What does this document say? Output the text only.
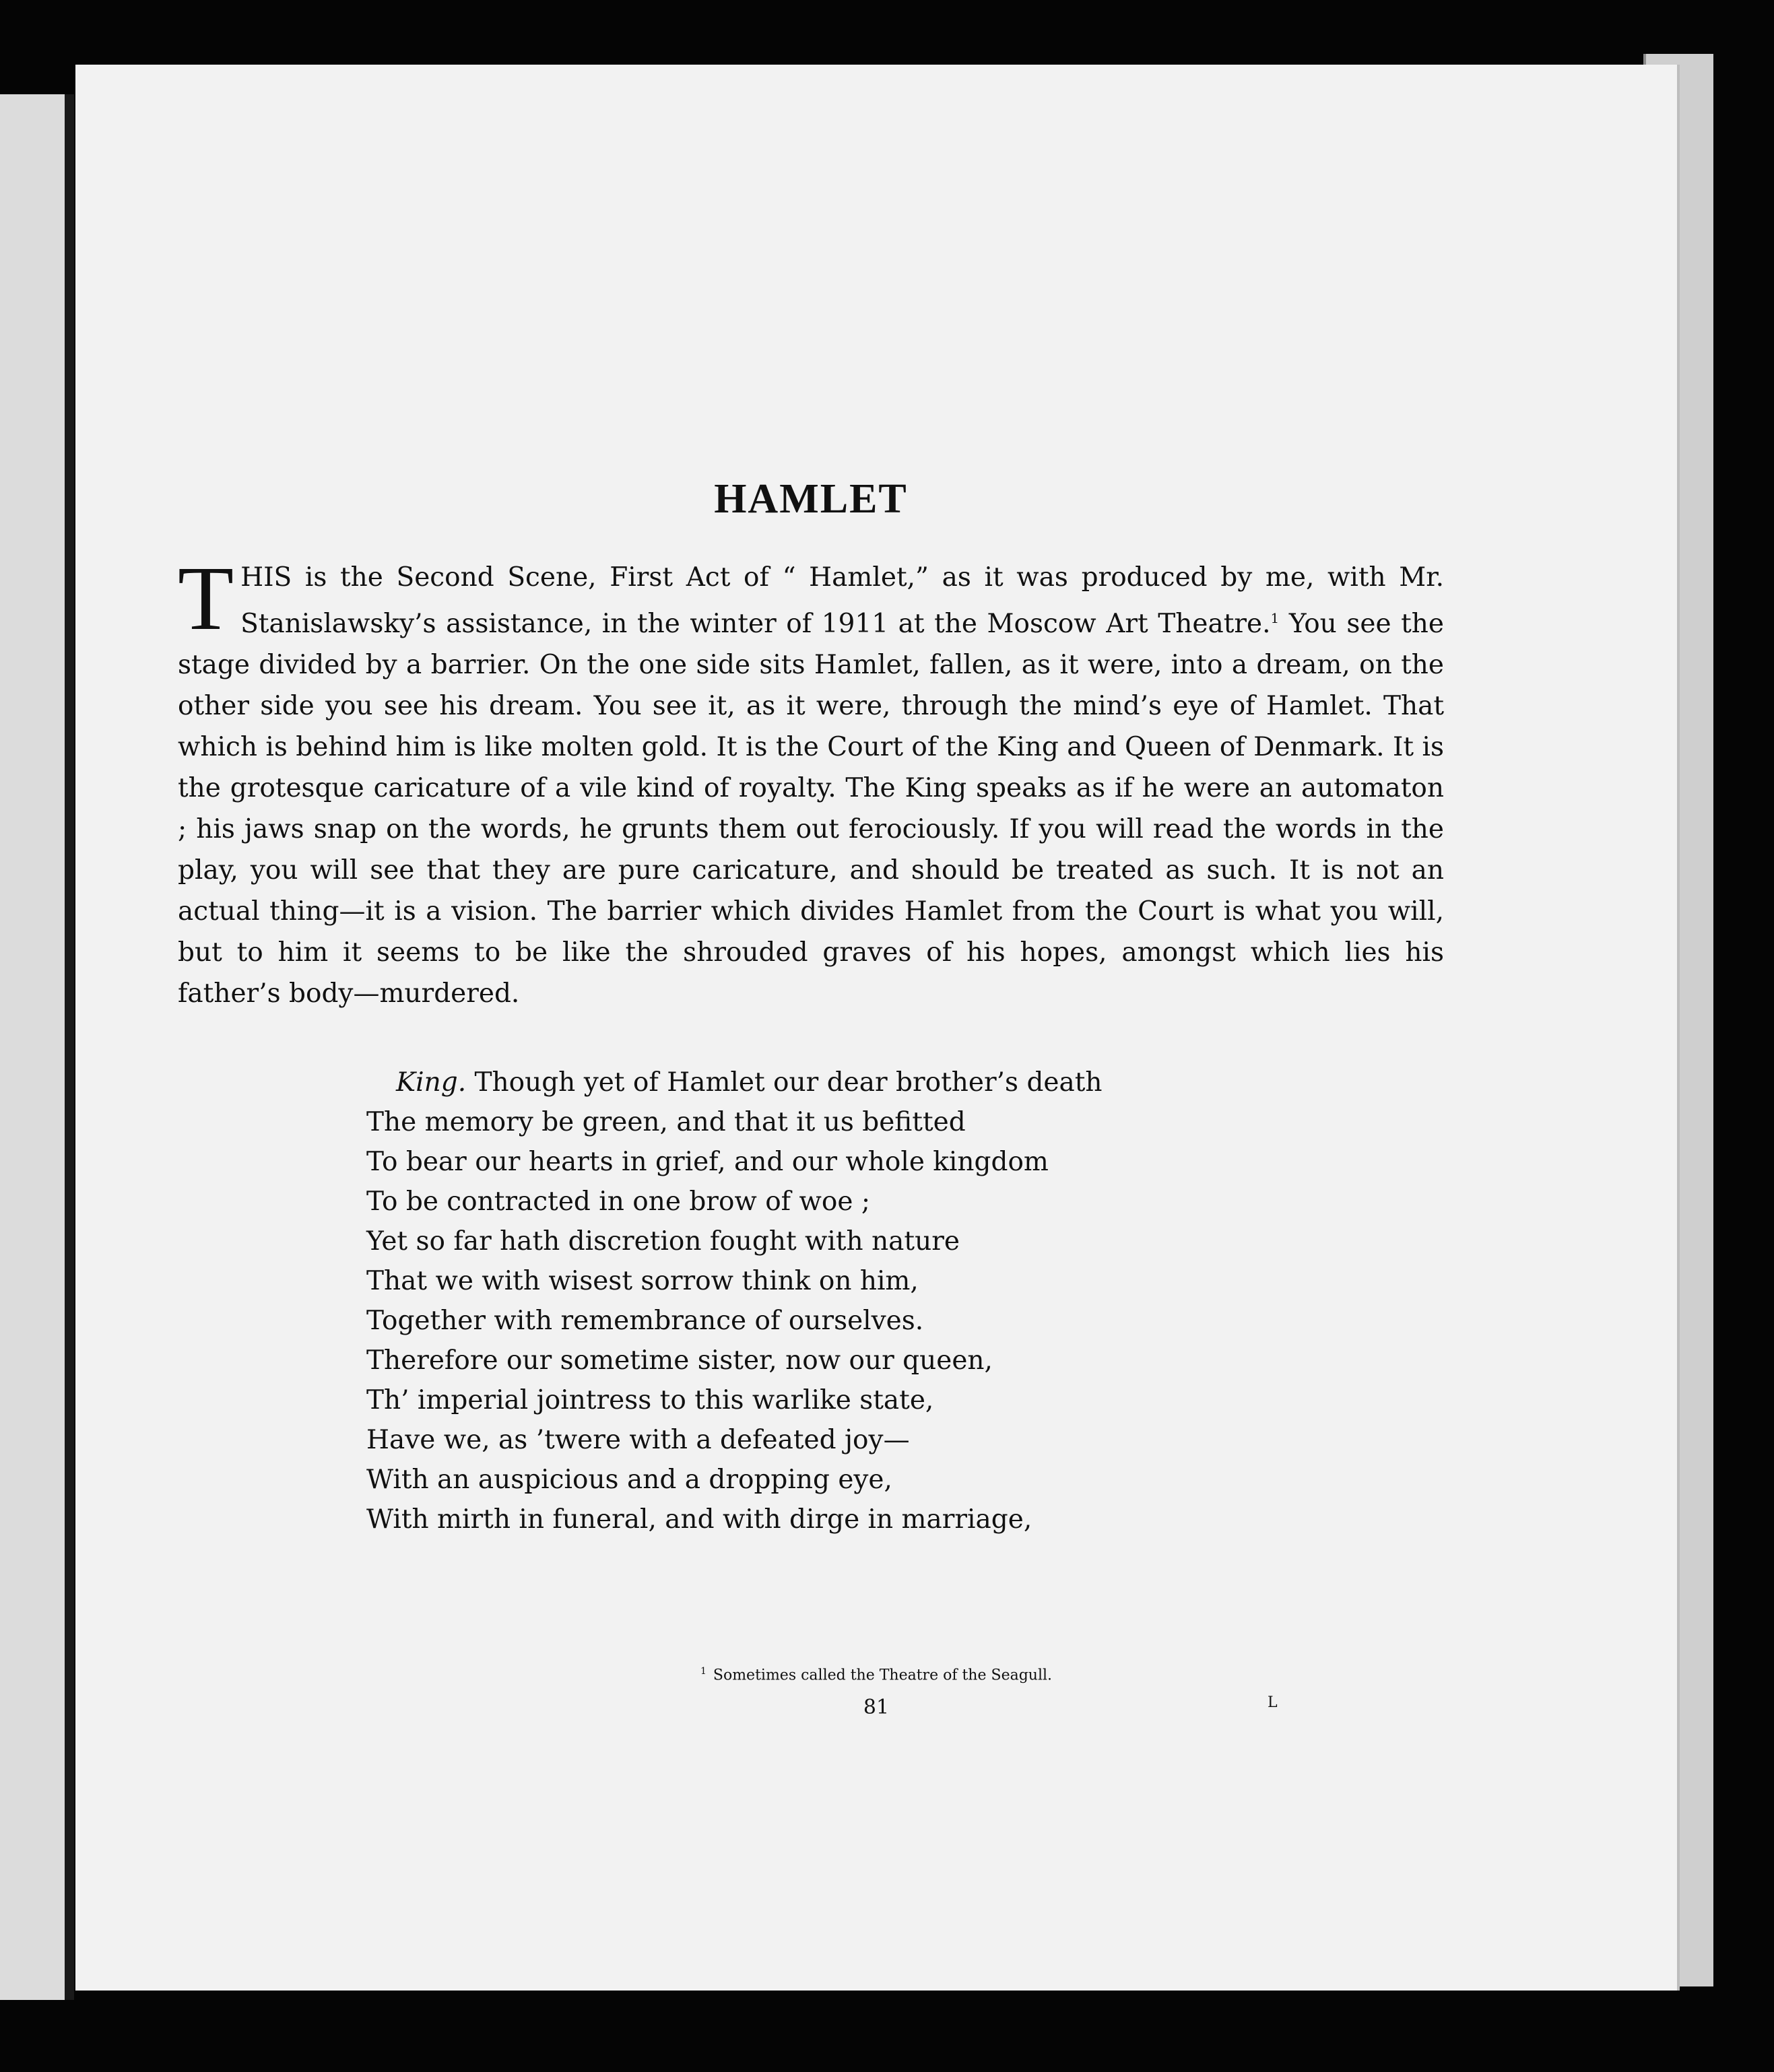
HAMLET

THIS is the Second Scene, First Act of “ Hamlet,” as it was produced by me, with Mr. Stanislawsky’s assistance, in the winter of 1911 at the Moscow Art Theatre.$^1$ You see the stage divided by a barrier. On the one side sits Hamlet, fallen, as it were, into a dream, on the other side you see his dream. You see it, as it were, through the mind’s eye of Hamlet. That which is behind him is like molten gold. It is the Court of the King and Queen of Denmark. It is the grotesque caricature of a vile kind of royalty. The King speaks as if he were an automaton ; his jaws snap on the words, he grunts them out ferociously. If you will read the words in the play, you will see that they are pure caricature, and should be treated as such. It is not an actual thing—it is a vision. The barrier which divides Hamlet from the Court is what you will, but to him it seems to be like the shrouded graves of his hopes, amongst which lies his father’s body—murdered.

King. Though yet of Hamlet our dear brother’s death
The memory be green, and that it us befitted
To bear our hearts in grief, and our whole kingdom
To be contracted in one brow of woe ;
Yet so far hath discretion fought with nature
That we with wisest sorrow think on him,
Together with remembrance of ourselves.
Therefore our sometime sister, now our queen,
Th’ imperial jointress to this warlike state,
Have we, as ’twere with a defeated joy—
With an auspicious and a dropping eye,
With mirth in funeral, and with dirge in marriage,
$^1$ Sometimes called the Theatre of the Seagull.
81	L
